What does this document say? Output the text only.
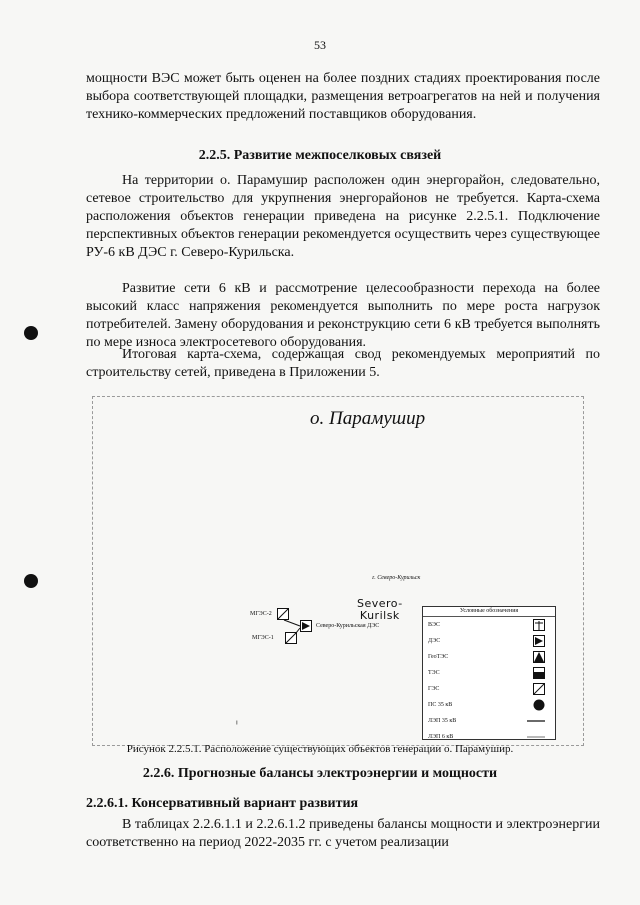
53

мощности ВЭС может быть оценен на более поздних стадиях проектирования после выбора соответствующей площадки, размещения ветроагрегатов на ней и получения технико-коммерческих предложений поставщиков оборудования.

2.2.5. Развитие межпоселковых связей

На территории о. Парамушир расположен один энергорайон, следовательно, сетевое строительство для укрупнения энергорайонов не требуется. Карта-схема расположения объектов генерации приведена на рисунке 2.2.5.1. Подключение перспективных объектов генерации рекомендуется осуществить через существующее РУ-6 кВ ДЭС г. Северо-Курильска.

Развитие сети 6 кВ и рассмотрение целесообразности перехода на более высокий класс напряжения рекомендуется выполнить по мере роста нагрузок потребителей. Замену оборудования и реконструкцию сети 6 кВ требуется выполнять по мере износа электросетевого оборудования.

Итоговая карта-схема, содержащая свод рекомендуемых мероприятий по строительству сетей, приведена в Приложении 5.

о. Парамушир
г. Северо-Курильск
Severo-
Kurilsk
МГЭС-2
МГЭС-1
Северо-Курильская ДЭС
ⵑ
Условные обозначения
ВЭС
ДЭС
ГеоТЭС
ТЭС
ГЭС
ПС 35 кВ
ЛЭП 35 кВ
ЛЭП 6 кВ
Рисунок 2.2.5.1. Расположение существующих объектов генерации о. Парамушир.

2.2.6. Прогнозные балансы электроэнергии и мощности

2.2.6.1. Консервативный вариант развития

В таблицах 2.2.6.1.1 и 2.2.6.1.2 приведены балансы мощности и электроэнергии соответственно на период 2022-2035 гг. с учетом реализации
